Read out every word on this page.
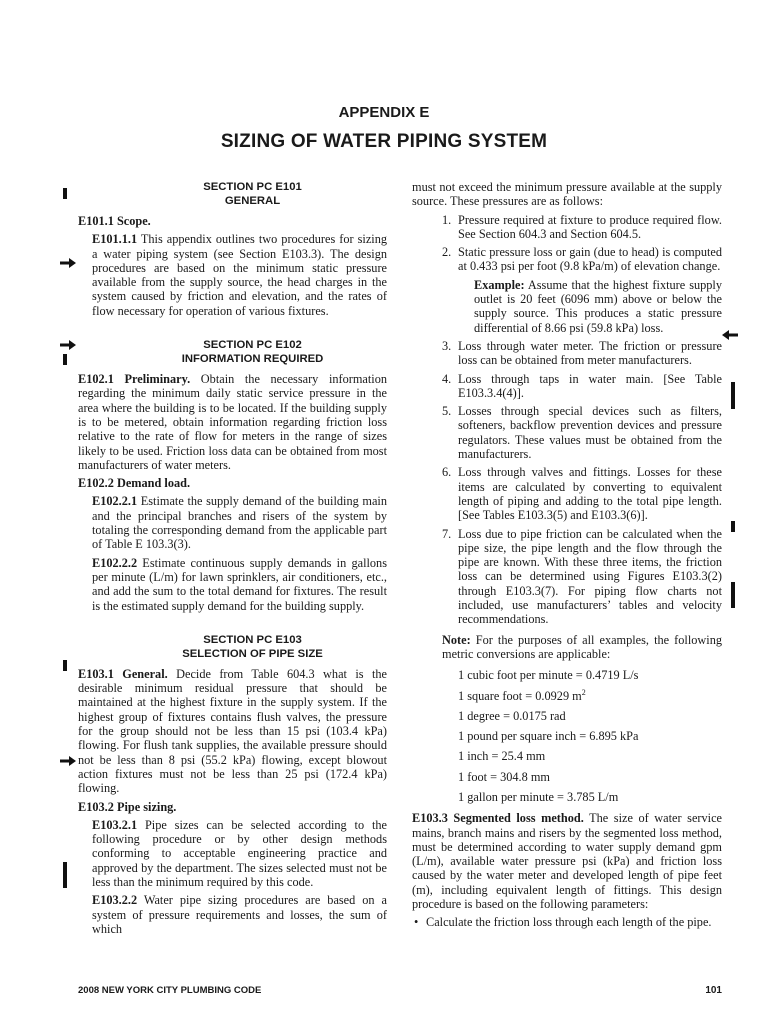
APPENDIX E
SIZING OF WATER PIPING SYSTEM
SECTION PC E101
GENERAL

E101.1 Scope.

E101.1.1 This appendix outlines two procedures for sizing a water piping system (see Section E103.3). The design procedures are based on the minimum static pressure available from the supply source, the head charges in the system caused by friction and elevation, and the rates of flow necessary for operation of various fixtures.

SECTION PC E102
INFORMATION REQUIRED

E102.1 Preliminary. Obtain the necessary information regarding the minimum daily static service pressure in the area where the building is to be located. If the building supply is to be metered, obtain information regarding friction loss relative to the rate of flow for meters in the range of sizes likely to be used. Friction loss data can be obtained from most manufacturers of water meters.

E102.2 Demand load.

E102.2.1 Estimate the supply demand of the building main and the principal branches and risers of the system by totaling the corresponding demand from the applicable part of Table E 103.3(3).

E102.2.2 Estimate continuous supply demands in gallons per minute (L/m) for lawn sprinklers, air conditioners, etc., and add the sum to the total demand for fixtures. The result is the estimated supply demand for the building supply.

SECTION PC E103
SELECTION OF PIPE SIZE

E103.1 General. Decide from Table 604.3 what is the desirable minimum residual pressure that should be maintained at the highest fixture in the supply system. If the highest group of fixtures contains flush valves, the pressure for the group should not be less than 15 psi (103.4 kPa) flowing. For flush tank supplies, the available pressure should not be less than 8 psi (55.2 kPa) flowing, except blowout action fixtures must not be less than 25 psi (172.4 kPa) flowing.

E103.2 Pipe sizing.

E103.2.1 Pipe sizes can be selected according to the following procedure or by other design methods conforming to acceptable engineering practice and approved by the department. The sizes selected must not be less than the minimum required by this code.

E103.2.2 Water pipe sizing procedures are based on a system of pressure requirements and losses, the sum of which

must not exceed the minimum pressure available at the supply source. These pressures are as follows:

1. Pressure required at fixture to produce required flow. See Section 604.3 and Section 604.5.
2. Static pressure loss or gain (due to head) is computed at 0.433 psi per foot (9.8 kPa/m) of elevation change.
Example: Assume that the highest fixture supply outlet is 20 feet (6096 mm) above or below the supply source. This produces a static pressure differential of 8.66 psi (59.8 kPa) loss.
3. Loss through water meter. The friction or pressure loss can be obtained from meter manufacturers.
4. Loss through taps in water main. [See Table E103.3.4(4)].
5. Losses through special devices such as filters, softeners, backflow prevention devices and pressure regulators. These values must be obtained from the manufacturers.
6. Loss through valves and fittings. Losses for these items are calculated by converting to equivalent length of piping and adding to the total pipe length. [See Tables E103.3(5) and E103.3(6)].
7. Loss due to pipe friction can be calculated when the pipe size, the pipe length and the flow through the pipe are known. With these three items, the friction loss can be determined using Figures E103.3(2) through E103.3(7). For piping flow charts not included, use manufacturers’ tables and velocity recommendations.

Note: For the purposes of all examples, the following metric conversions are applicable:

1 cubic foot per minute = 0.4719 L/s
1 square foot = 0.0929 $m^2$
1 degree = 0.0175 rad
1 pound per square inch = 6.895 kPa
1 inch = 25.4 mm
1 foot = 304.8 mm
1 gallon per minute = 3.785 L/m

E103.3 Segmented loss method. The size of water service mains, branch mains and risers by the segmented loss method, must be determined according to water supply demand gpm (L/m), available water pressure psi (kPa) and friction loss caused by the water meter and developed length of pipe feet (m), including equivalent length of fittings. This design procedure is based on the following parameters:

• Calculate the friction loss through each length of the pipe.
2008 NEW YORK CITY PLUMBING CODE	101
